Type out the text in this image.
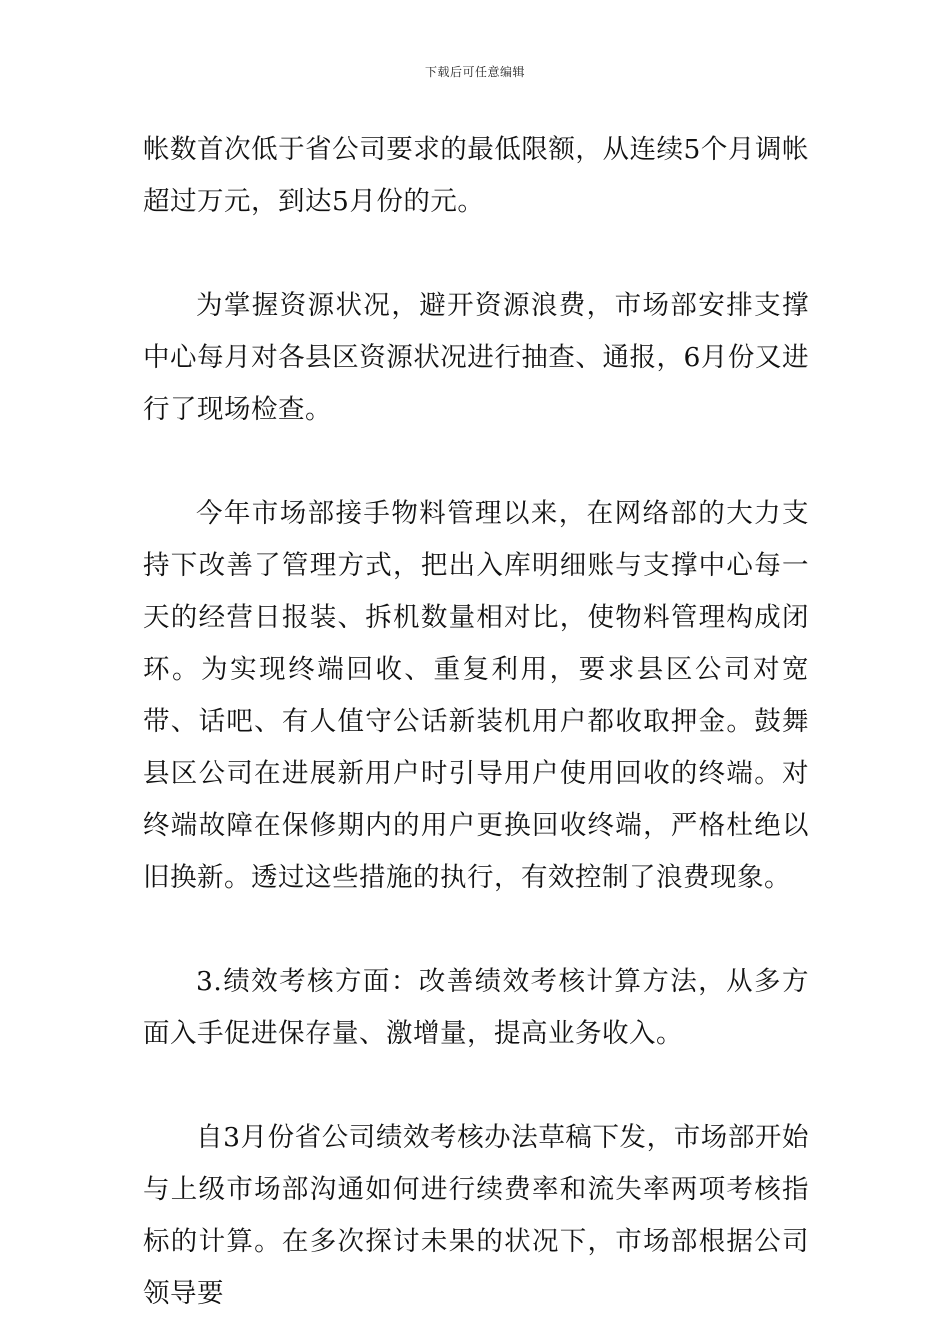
下载后可任意编辑

帐数首次低于省公司要求的最低限额，从连续5个月调帐超过万元，到达5月份的元。

为掌握资源状况，避开资源浪费，市场部安排支撑中心每月对各县区资源状况进行抽查、通报，6月份又进行了现场检查。

今年市场部接手物料管理以来，在网络部的大力支持下改善了管理方式，把出入库明细账与支撑中心每一天的经营日报装、拆机数量相对比，使物料管理构成闭环。为实现终端回收、重复利用，要求县区公司对宽带、话吧、有人值守公话新装机用户都收取押金。鼓舞县区公司在进展新用户时引导用户使用回收的终端。对终端故障在保修期内的用户更换回收终端，严格杜绝以旧换新。透过这些措施的执行，有效控制了浪费现象。

3.绩效考核方面：改善绩效考核计算方法，从多方面入手促进保存量、激增量，提高业务收入。

自3月份省公司绩效考核办法草稿下发，市场部开始与上级市场部沟通如何进行续费率和流失率两项考核指标的计算。在多次探讨未果的状况下，市场部根据公司领导要
